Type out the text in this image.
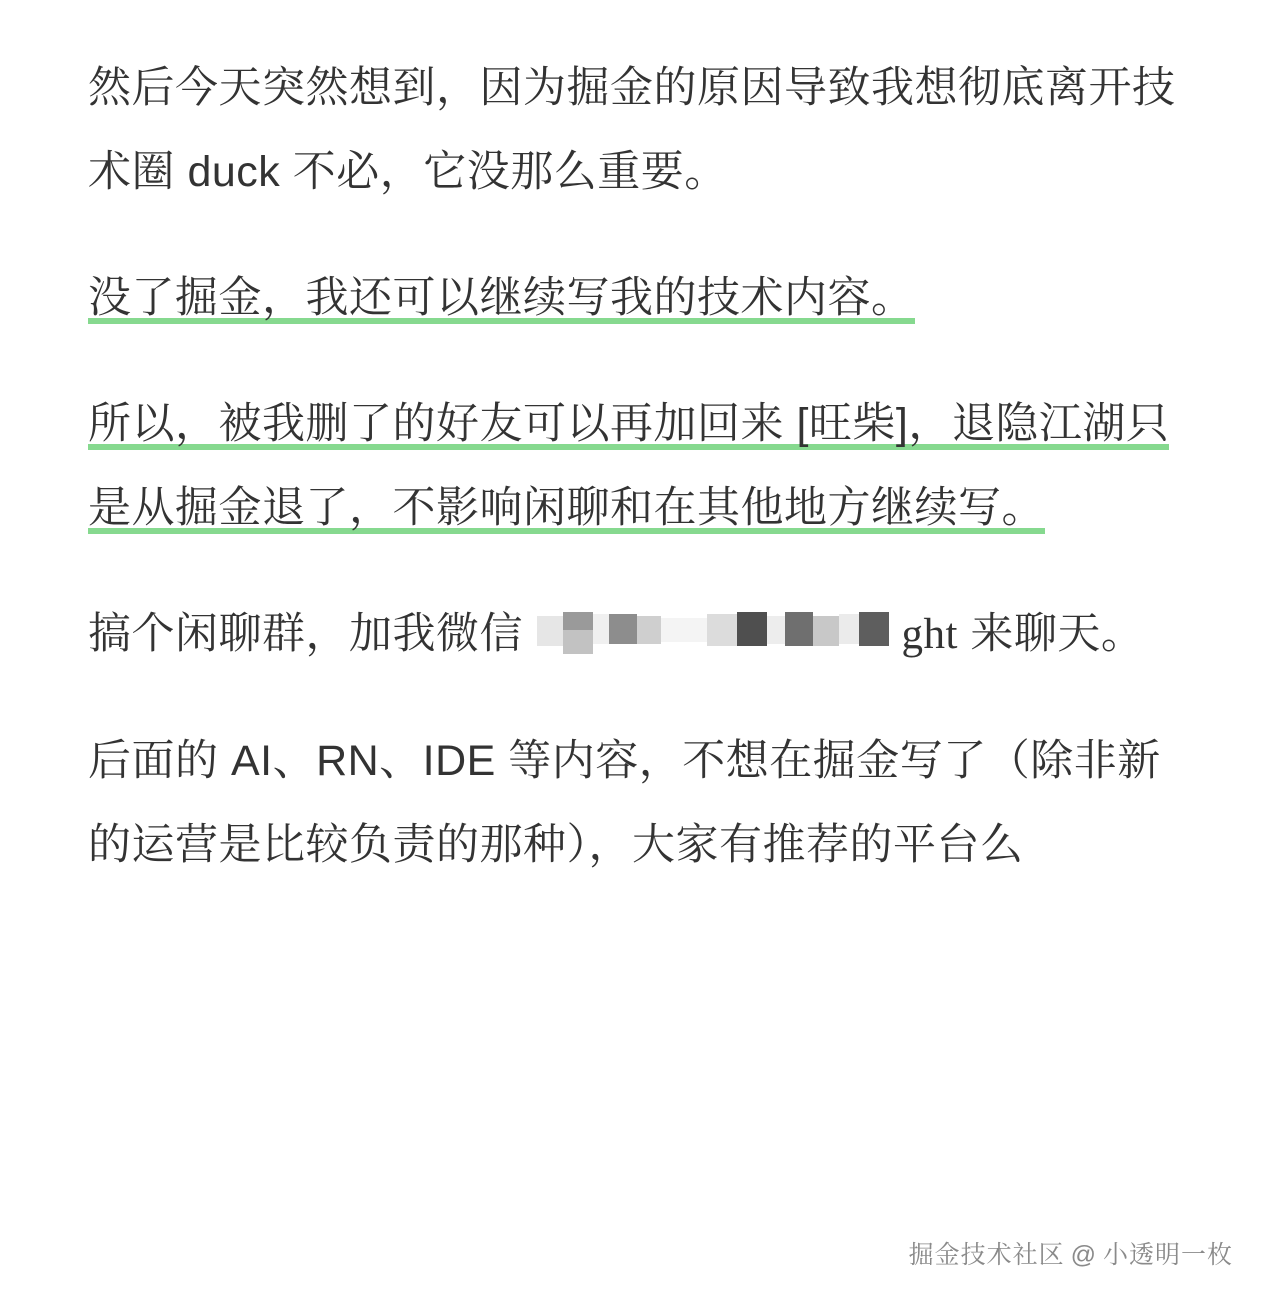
然后今天突然想到，因为掘金的原因导致我想彻底离开技术圈 duck 不必，它没那么重要。

没了掘金，我还可以继续写我的技术内容。

所以，被我删了的好友可以再加回来 [旺柴]，退隐江湖只是从掘金退了，不影响闲聊和在其他地方继续写。

搞个闲聊群，加我微信	ght 来聊天。

后面的 AI、RN、IDE 等内容，不想在掘金写了（除非新的运营是比较负责的那种），大家有推荐的平台么

掘金技术社区 @ 小透明一枚
